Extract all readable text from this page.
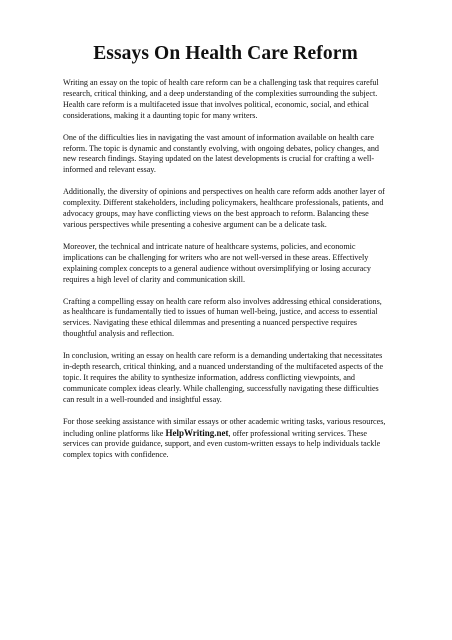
Essays On Health Care Reform

Writing an essay on the topic of health care reform can be a challenging task that requires careful research, critical thinking, and a deep understanding of the complexities surrounding the subject. Health care reform is a multifaceted issue that involves political, economic, social, and ethical considerations, making it a daunting topic for many writers.

One of the difficulties lies in navigating the vast amount of information available on health care reform. The topic is dynamic and constantly evolving, with ongoing debates, policy changes, and new research findings. Staying updated on the latest developments is crucial for crafting a well-informed and relevant essay.

Additionally, the diversity of opinions and perspectives on health care reform adds another layer of complexity. Different stakeholders, including policymakers, healthcare professionals, patients, and advocacy groups, may have conflicting views on the best approach to reform. Balancing these various perspectives while presenting a cohesive argument can be a delicate task.

Moreover, the technical and intricate nature of healthcare systems, policies, and economic implications can be challenging for writers who are not well-versed in these areas. Effectively explaining complex concepts to a general audience without oversimplifying or losing accuracy requires a high level of clarity and communication skill.

Crafting a compelling essay on health care reform also involves addressing ethical considerations, as healthcare is fundamentally tied to issues of human well-being, justice, and access to essential services. Navigating these ethical dilemmas and presenting a nuanced perspective requires thoughtful analysis and reflection.

In conclusion, writing an essay on health care reform is a demanding undertaking that necessitates in-depth research, critical thinking, and a nuanced understanding of the multifaceted aspects of the topic. It requires the ability to synthesize information, address conflicting viewpoints, and communicate complex ideas clearly. While challenging, successfully navigating these difficulties can result in a well-rounded and insightful essay.

For those seeking assistance with similar essays or other academic writing tasks, various resources, including online platforms like HelpWriting.net, offer professional writing services. These services can provide guidance, support, and even custom-written essays to help individuals tackle complex topics with confidence.
